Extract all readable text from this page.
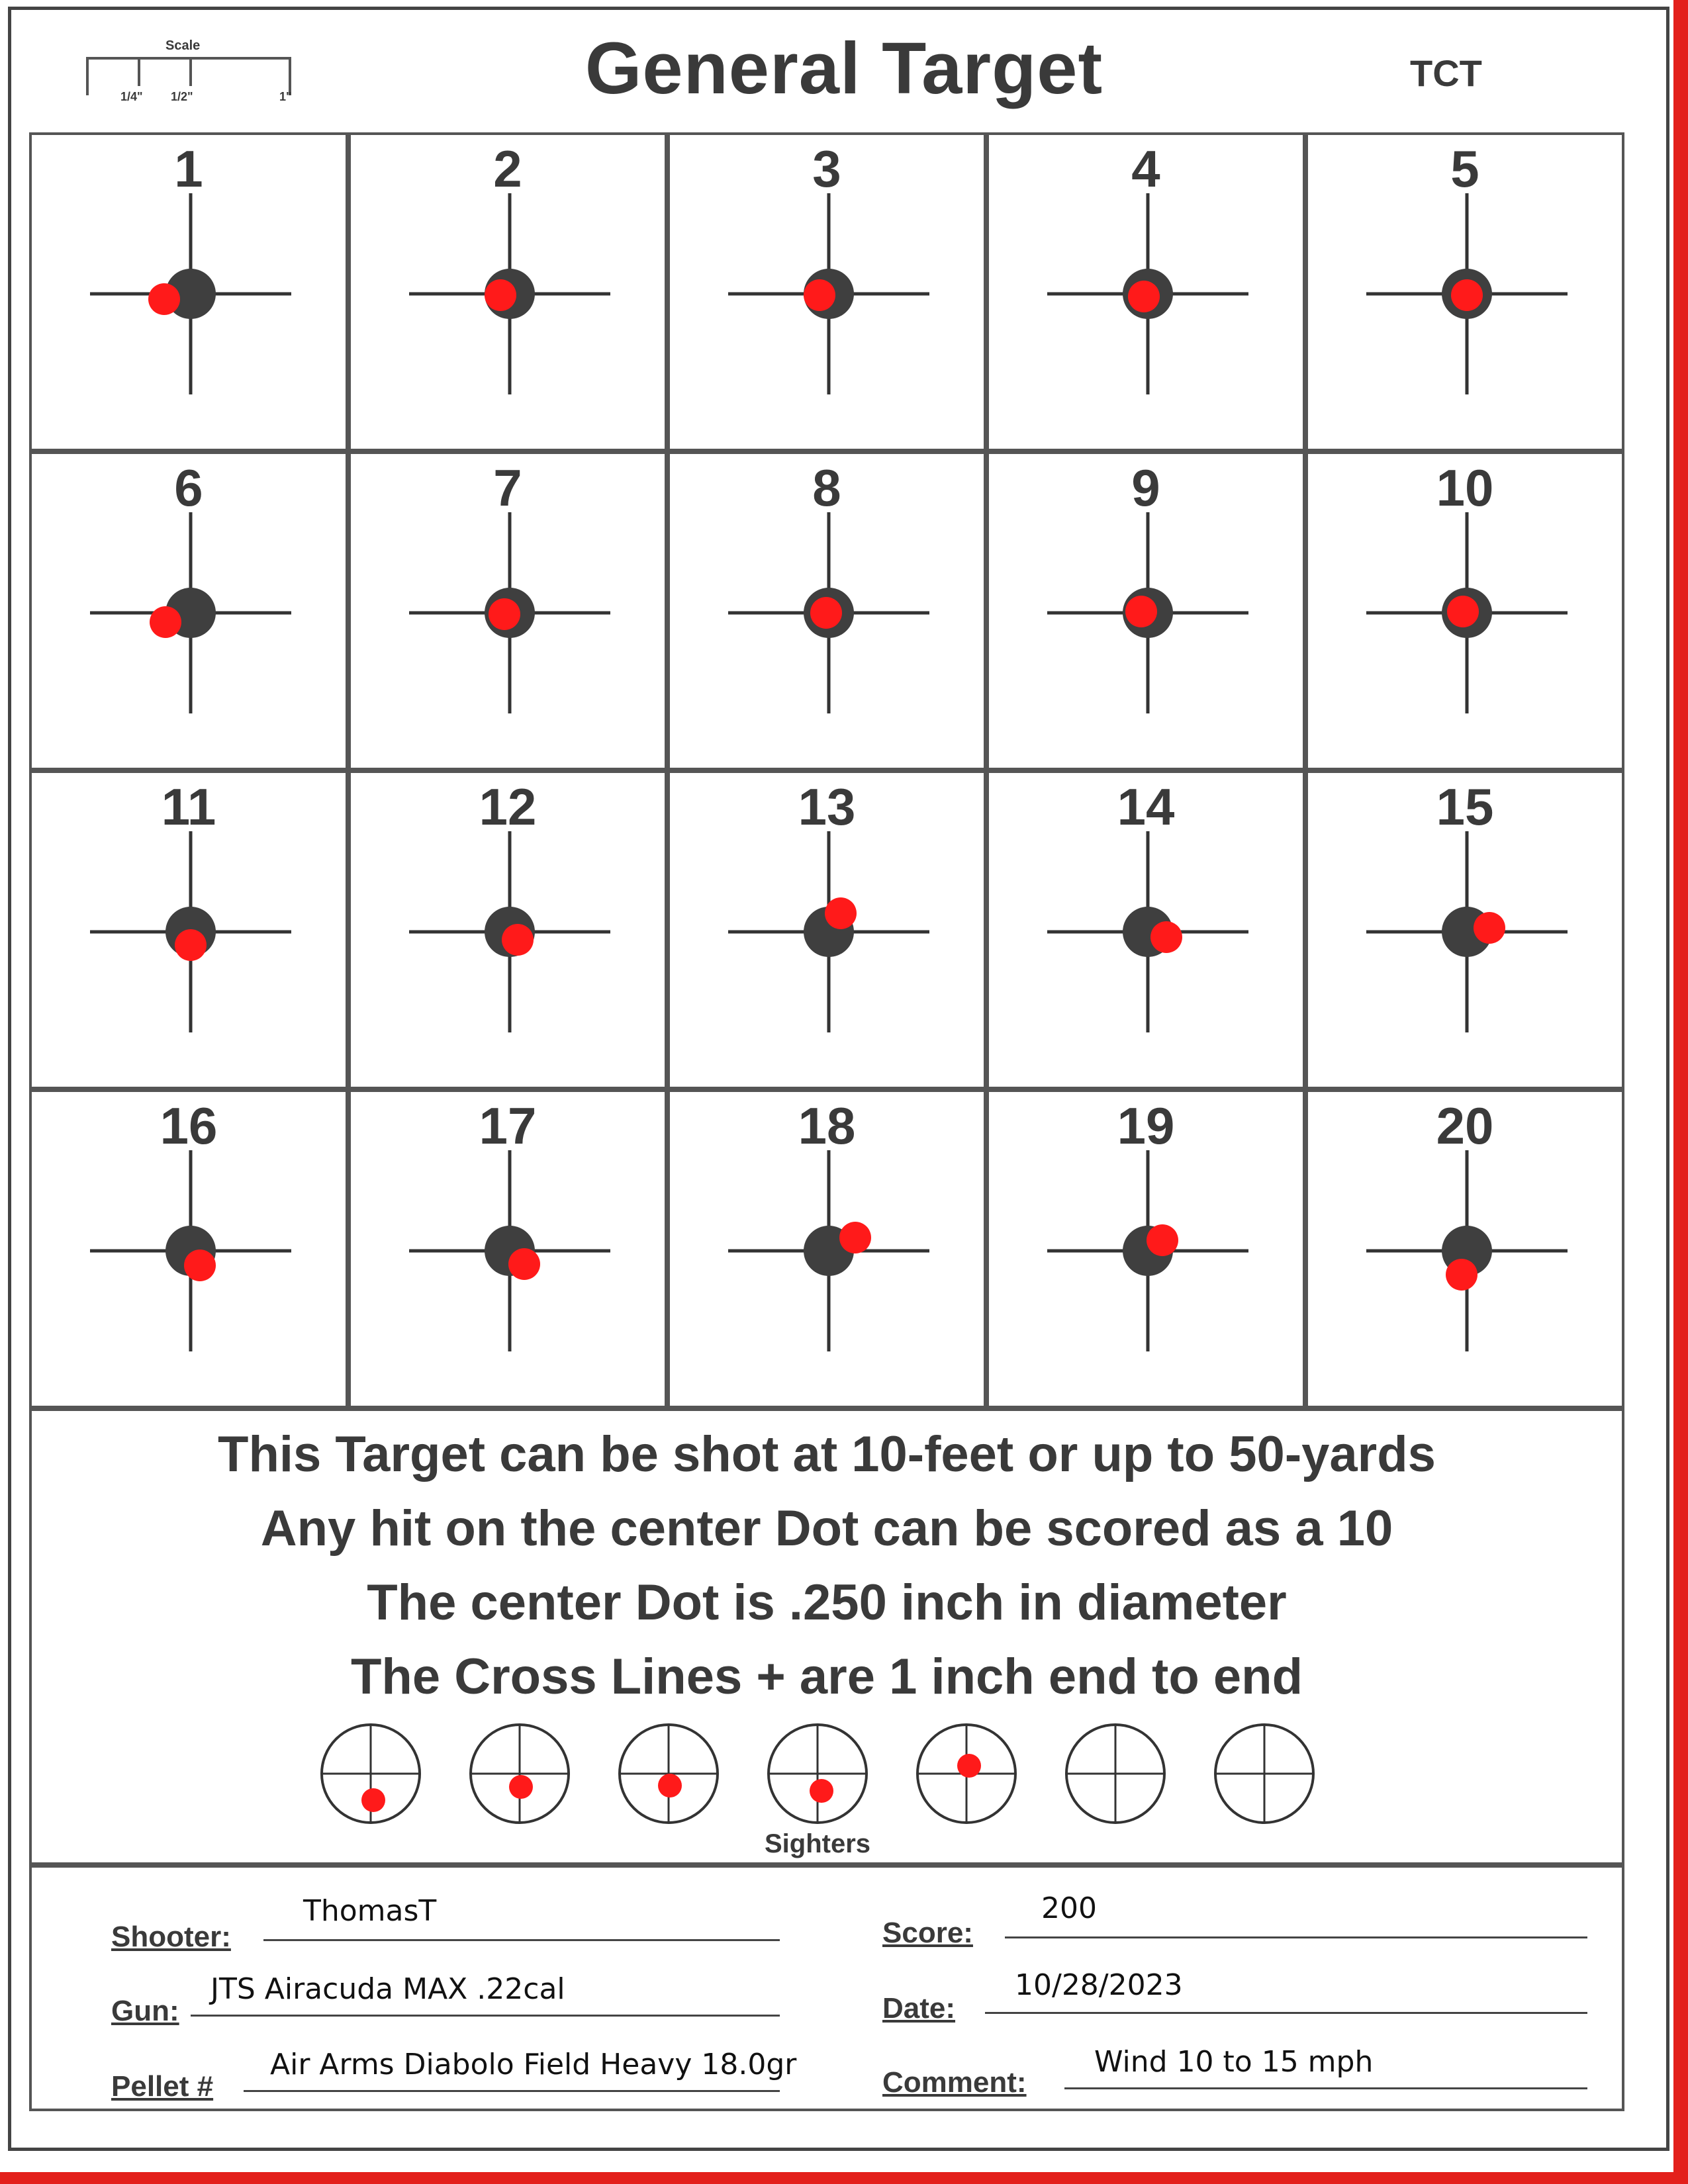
Scale
1/4" 1/2"	1"	General Target	TCT
1	2	3	4	5
6	7	8	9	10
11	12	13	14	15
16	17	18	19	20
This Target can be shot at 10-feet or up to 50-yards
Any hit on the center Dot can be scored as a 10
The center Dot is .250 inch in diameter
The Cross Lines + are 1 inch end to end
Sighters
Shooter:
ThomasT
Gun:
JTS Airacuda MAX .22cal
Pellet #
Air Arms Diabolo Field Heavy 18.0gr
Score:
200
Date:
10/28/2023
Comment:
Wind 10 to 15 mph
